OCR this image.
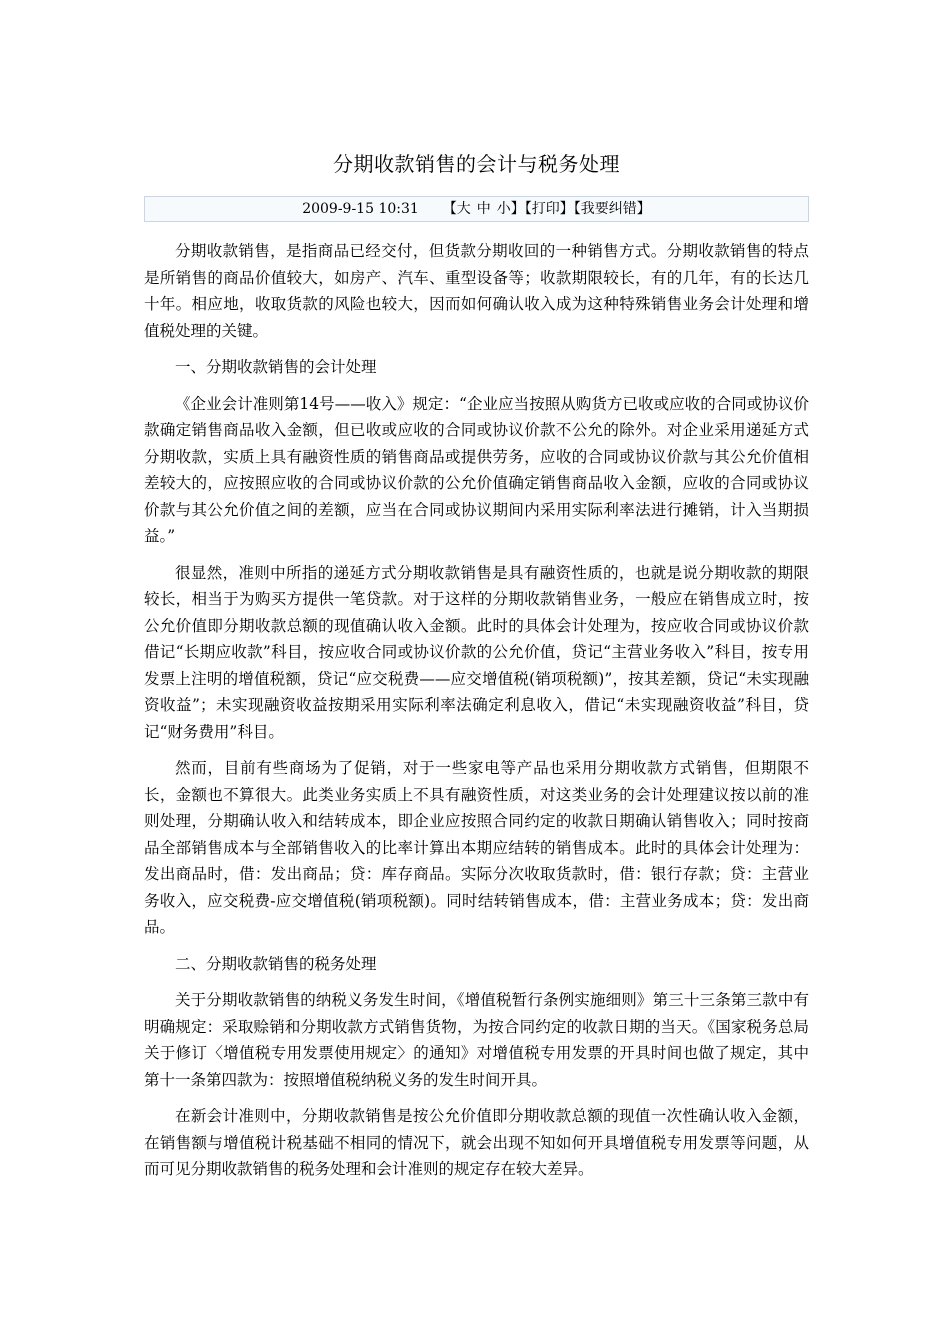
分期收款销售的会计与税务处理
2009-9-15 10:31 【大 中 小】【打印】【我要纠错】

分期收款销售，是指商品已经交付，但货款分期收回的一种销售方式。分期收款销售的特点是所销售的商品价值较大，如房产、汽车、重型设备等；收款期限较长，有的几年，有的长达几十年。相应地，收取货款的风险也较大，因而如何确认收入成为这种特殊销售业务会计处理和增值税处理的关键。

一、分期收款销售的会计处理

《企业会计准则第14号——收入》规定：“企业应当按照从购货方已收或应收的合同或协议价款确定销售商品收入金额，但已收或应收的合同或协议价款不公允的除外。对企业采用递延方式分期收款，实质上具有融资性质的销售商品或提供劳务，应收的合同或协议价款与其公允价值相差较大的，应按照应收的合同或协议价款的公允价值确定销售商品收入金额，应收的合同或协议价款与其公允价值之间的差额，应当在合同或协议期间内采用实际利率法进行摊销，计入当期损益。”

很显然，准则中所指的递延方式分期收款销售是具有融资性质的，也就是说分期收款的期限较长，相当于为购买方提供一笔贷款。对于这样的分期收款销售业务，一般应在销售成立时，按公允价值即分期收款总额的现值确认收入金额。此时的具体会计处理为，按应收合同或协议价款借记“长期应收款”科目，按应收合同或协议价款的公允价值，贷记“主营业务收入”科目，按专用发票上注明的增值税额，贷记“应交税费——应交增值税(销项税额)”，按其差额，贷记“未实现融资收益”；未实现融资收益按期采用实际利率法确定利息收入，借记“未实现融资收益”科目，贷记“财务费用”科目。

然而，目前有些商场为了促销，对于一些家电等产品也采用分期收款方式销售，但期限不长，金额也不算很大。此类业务实质上不具有融资性质，对这类业务的会计处理建议按以前的准则处理，分期确认收入和结转成本，即企业应按照合同约定的收款日期确认销售收入；同时按商品全部销售成本与全部销售收入的比率计算出本期应结转的销售成本。此时的具体会计处理为：发出商品时，借：发出商品；贷：库存商品。实际分次收取货款时，借：银行存款；贷：主营业务收入，应交税费-应交增值税(销项税额)。同时结转销售成本，借：主营业务成本；贷：发出商品。

二、分期收款销售的税务处理

关于分期收款销售的纳税义务发生时间，《增值税暂行条例实施细则》第三十三条第三款中有明确规定：采取赊销和分期收款方式销售货物，为按合同约定的收款日期的当天。《国家税务总局关于修订〈增值税专用发票使用规定〉的通知》对增值税专用发票的开具时间也做了规定，其中第十一条第四款为：按照增值税纳税义务的发生时间开具。

在新会计准则中，分期收款销售是按公允价值即分期收款总额的现值一次性确认收入金额，在销售额与增值税计税基础不相同的情况下，就会出现不知如何开具增值税专用发票等问题，从而可见分期收款销售的税务处理和会计准则的规定存在较大差异。
